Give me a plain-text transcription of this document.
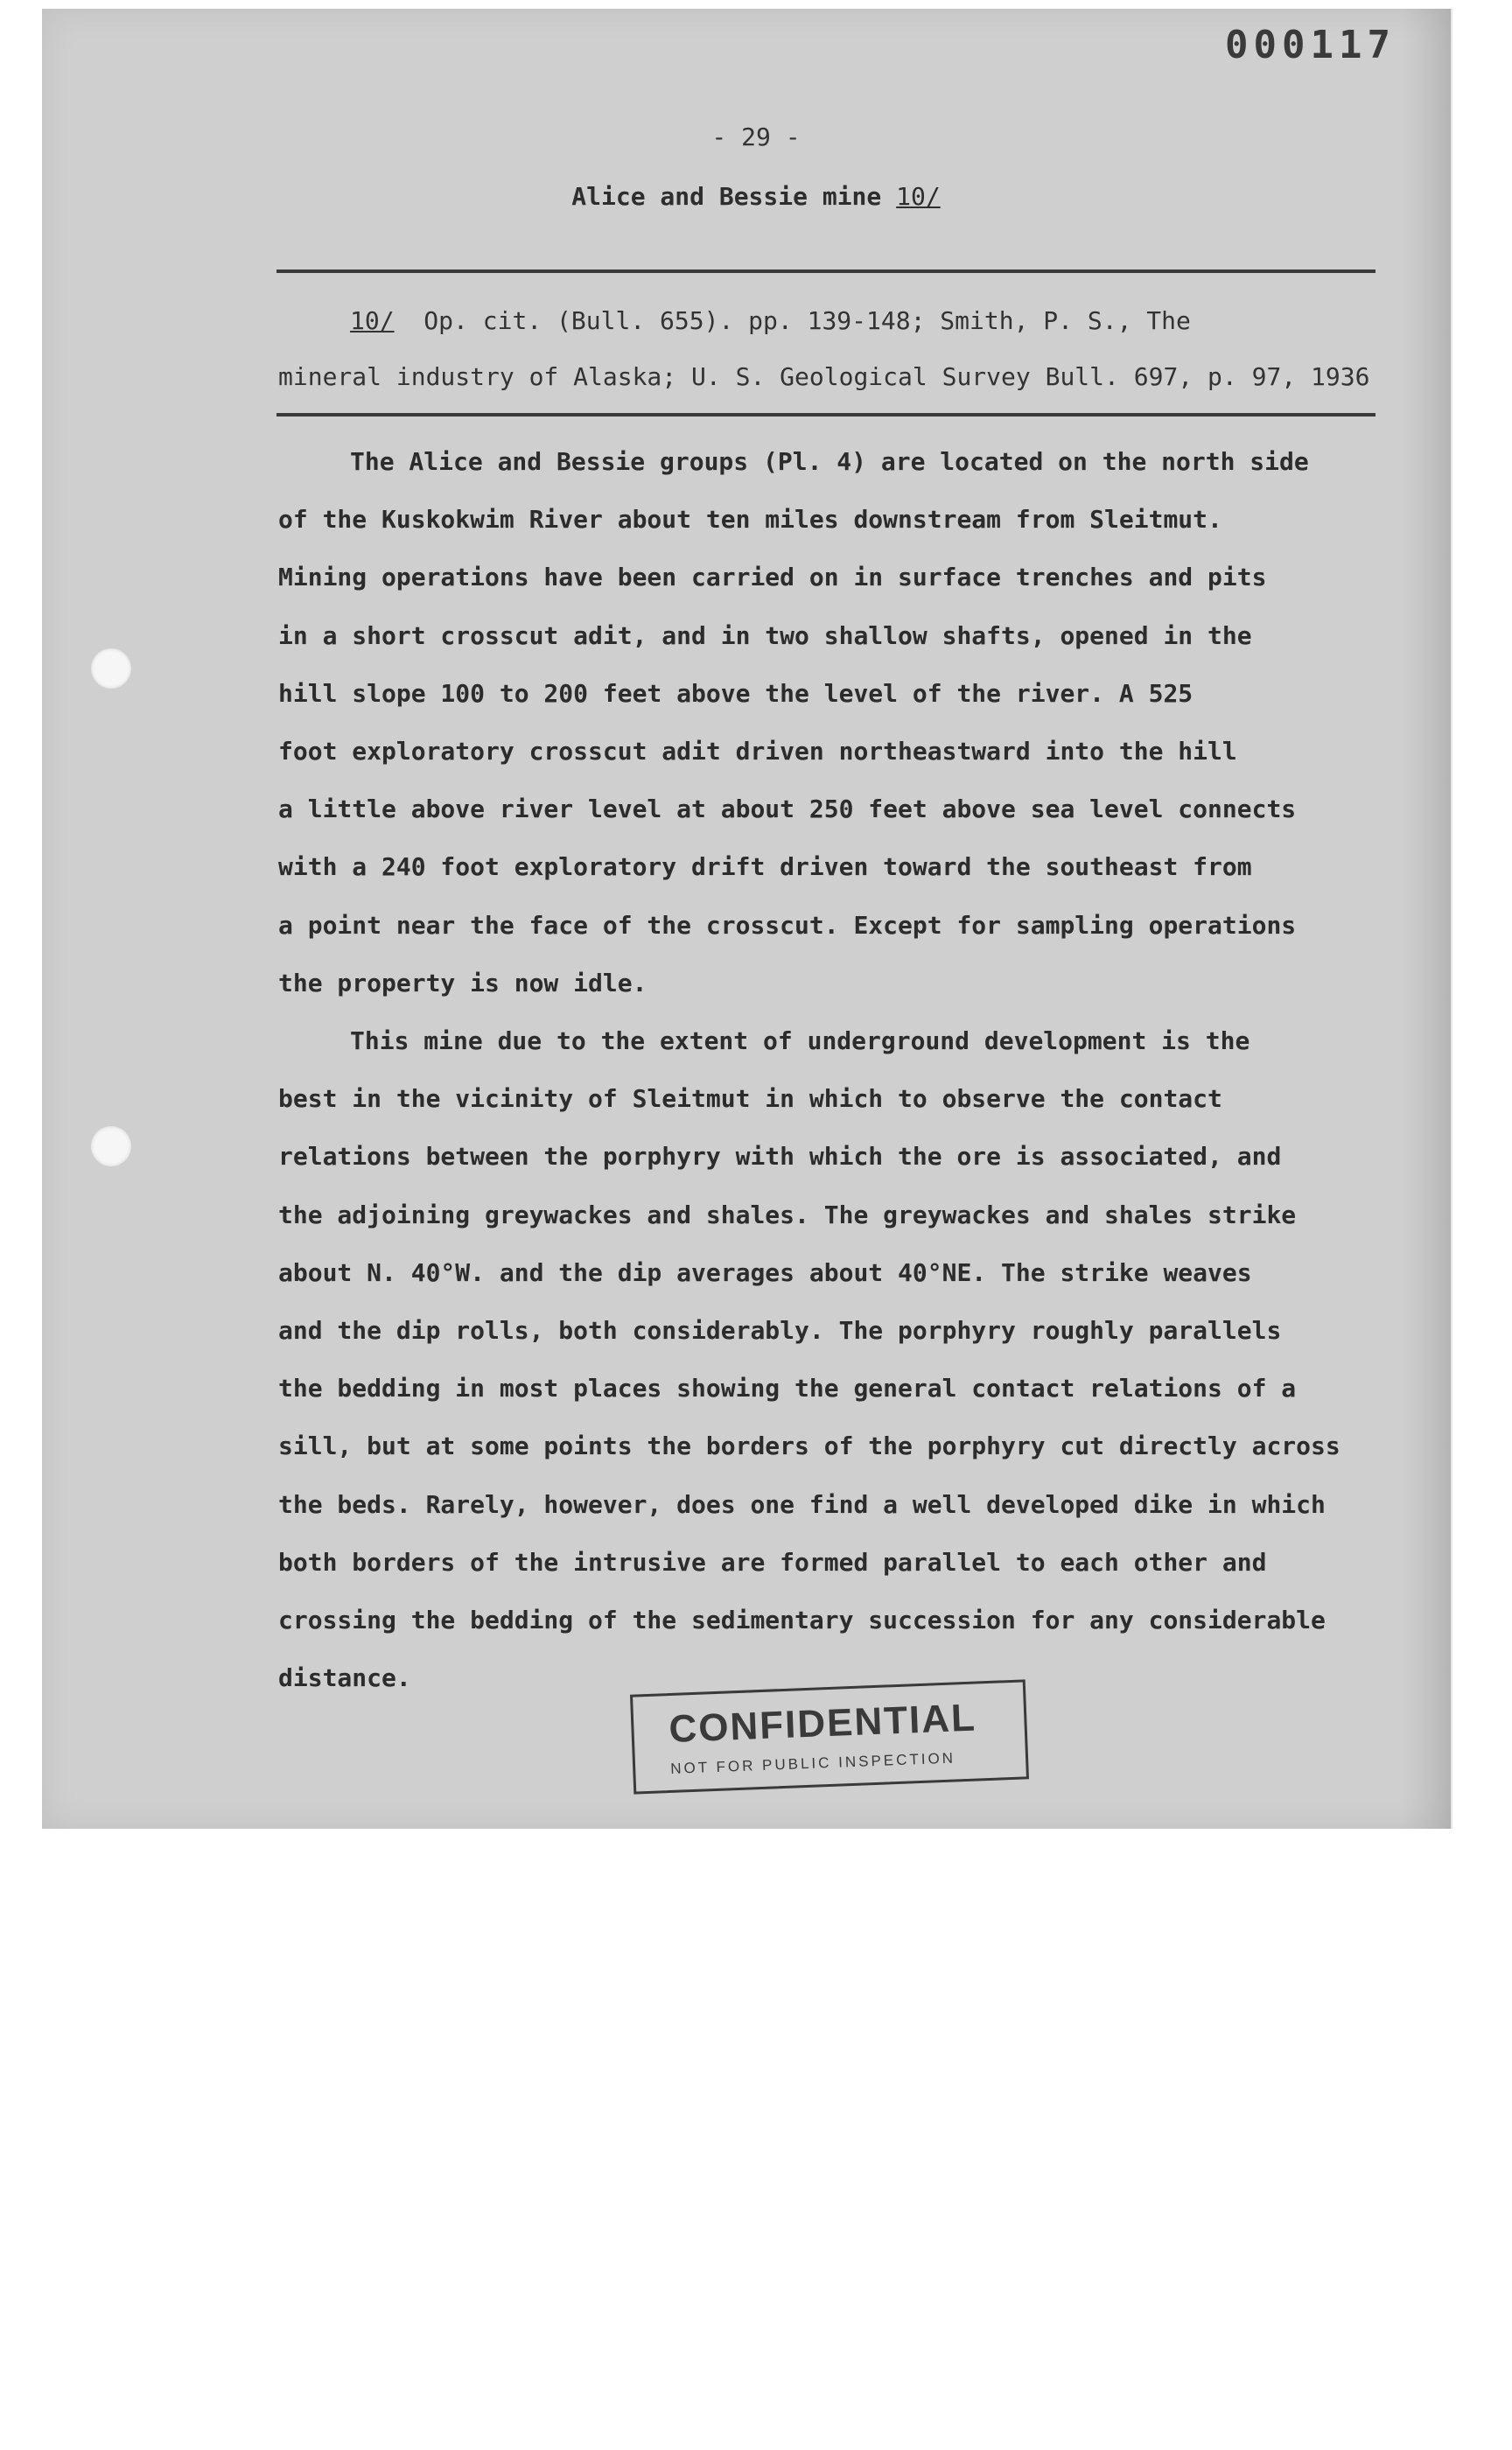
000117
- 29 -
Alice and Bessie mine 10/
10/ Op. cit. (Bull. 655). pp. 139-148; Smith, P. S., The
mineral industry of Alaska; U. S. Geological Survey Bull. 697, p. 97, 1936
The Alice and Bessie groups (Pl. 4) are located on the north side
of the Kuskokwim River about ten miles downstream from Sleitmut.
Mining operations have been carried on in surface trenches and pits
in a short crosscut adit, and in two shallow shafts, opened in the
hill slope 100 to 200 feet above the level of the river. A 525
foot exploratory crosscut adit driven northeastward into the hill
a little above river level at about 250 feet above sea level connects
with a 240 foot exploratory drift driven toward the southeast from
a point near the face of the crosscut. Except for sampling operations
the property is now idle.
This mine due to the extent of underground development is the
best in the vicinity of Sleitmut in which to observe the contact
relations between the porphyry with which the ore is associated, and
the adjoining greywackes and shales. The greywackes and shales strike
about N. 40°W. and the dip averages about 40°NE. The strike weaves
and the dip rolls, both considerably. The porphyry roughly parallels
the bedding in most places showing the general contact relations of a
sill, but at some points the borders of the porphyry cut directly across
the beds. Rarely, however, does one find a well developed dike in which
both borders of the intrusive are formed parallel to each other and
crossing the bedding of the sedimentary succession for any considerable
distance.
CONFIDENTIAL
NOT FOR PUBLIC INSPECTION
